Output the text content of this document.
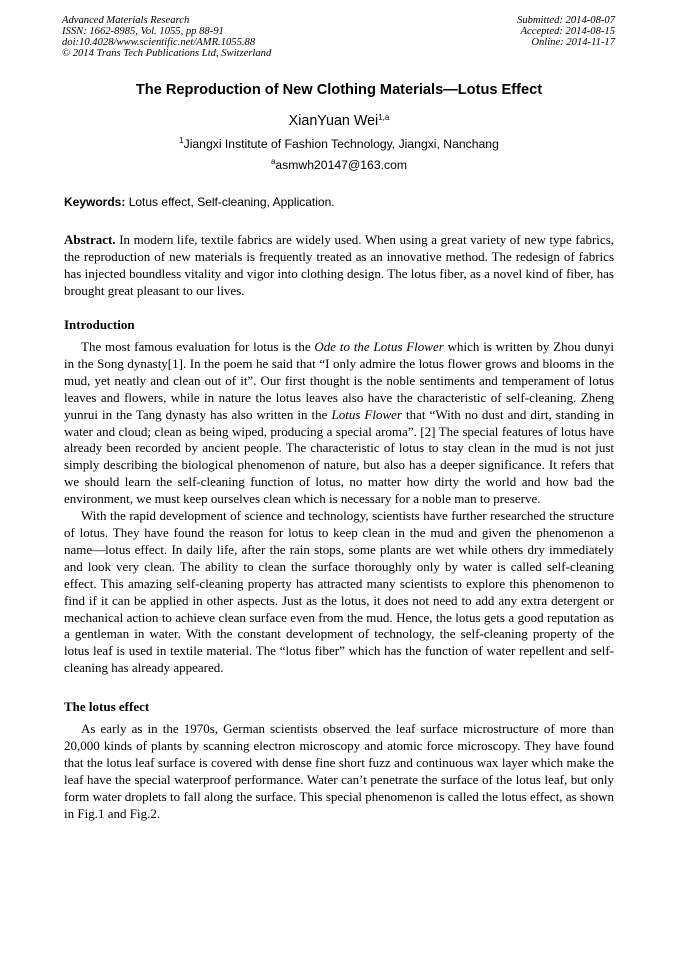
Advanced Materials Research
ISSN: 1662-8985, Vol. 1055, pp 88-91
doi:10.4028/www.scientific.net/AMR.1055.88
© 2014 Trans Tech Publications Ltd, Switzerland
Submitted: 2014-08-07
Accepted: 2014-08-15
Online: 2014-11-17
The Reproduction of New Clothing Materials—Lotus Effect
XianYuan Wei$^{1,a}$
$^1$Jiangxi Institute of Fashion Technology, Jiangxi, Nanchang
$^a$asmwh20147@163.com
Keywords: Lotus effect, Self-cleaning, Application.

Abstract. In modern life, textile fabrics are widely used. When using a great variety of new type fabrics, the reproduction of new materials is frequently treated as an innovative method. The redesign of fabrics has injected boundless vitality and vigor into clothing design. The lotus fiber, as a novel kind of fiber, has brought great pleasant to our lives.

Introduction

The most famous evaluation for lotus is the Ode to the Lotus Flower which is written by Zhou dunyi in the Song dynasty[1]. In the poem he said that “I only admire the lotus flower grows and blooms in the mud, yet neatly and clean out of it”. Our first thought is the noble sentiments and temperament of lotus leaves and flowers, while in nature the lotus leaves also have the characteristic of self-cleaning. Zheng yunrui in the Tang dynasty has also written in the Lotus Flower that “With no dust and dirt, standing in water and cloud; clean as being wiped, producing a special aroma”. [2] The special features of lotus have already been recorded by ancient people. The characteristic of lotus to stay clean in the mud is not just simply describing the biological phenomenon of nature, but also has a deeper significance. It refers that we should learn the self-cleaning function of lotus, no matter how dirty the world and how bad the environment, we must keep ourselves clean which is necessary for a noble man to preserve.

With the rapid development of science and technology, scientists have further researched the structure of lotus. They have found the reason for lotus to keep clean in the mud and given the phenomenon a name—lotus effect. In daily life, after the rain stops, some plants are wet while others dry immediately and look very clean. The ability to clean the surface thoroughly only by water is called self-cleaning effect. This amazing self-cleaning property has attracted many scientists to explore this phenomenon to find if it can be applied in other aspects. Just as the lotus, it does not need to add any extra detergent or mechanical action to achieve clean surface even from the mud. Hence, the lotus gets a good reputation as a gentleman in water. With the constant development of technology, the self-cleaning property of the lotus leaf is used in textile material. The “lotus fiber” which has the function of water repellent and self-cleaning has already appeared.

The lotus effect

As early as in the 1970s, German scientists observed the leaf surface microstructure of more than 20,000 kinds of plants by scanning electron microscopy and atomic force microscopy. They have found that the lotus leaf surface is covered with dense fine short fuzz and continuous wax layer which make the leaf have the special waterproof performance. Water can’t penetrate the surface of the lotus leaf, but only form water droplets to fall along the surface. This special phenomenon is called the lotus effect, as shown in Fig.1 and Fig.2.
